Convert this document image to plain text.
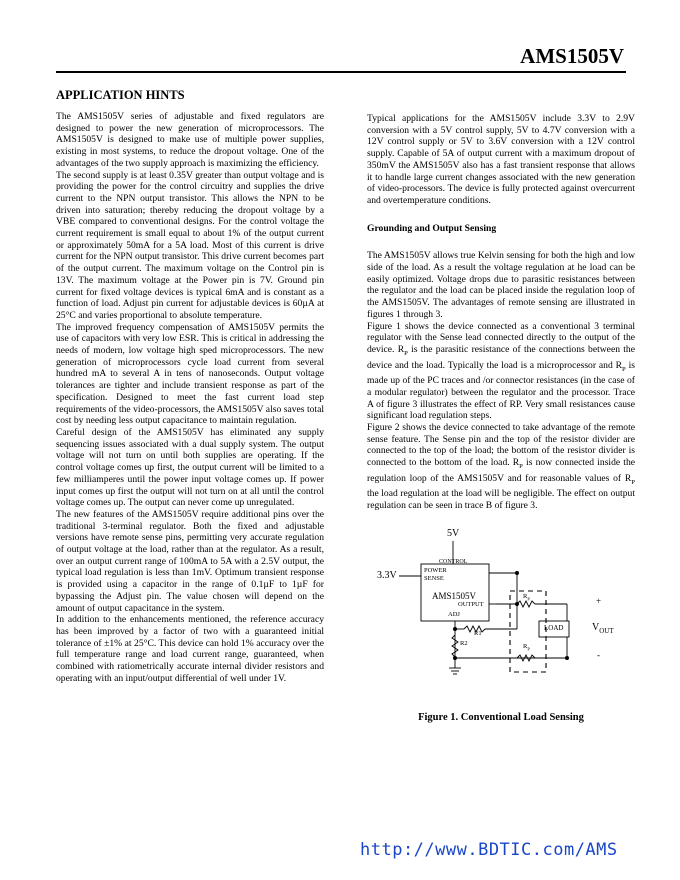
AMS1505V
APPLICATION HINTS

The AMS1505V series of adjustable and fixed regulators are designed to power the new generation of microprocessors. The AMS1505V is designed to make use of multiple power supplies, existing in most systems, to reduce the dropout voltage. One of the advantages of the two supply approach is maximizing the efficiency.

The second supply is at least 0.35V greater than output voltage and is providing the power for the control circuitry and supplies the drive current to the NPN output transistor. This allows the NPN to be driven into saturation; thereby reducing the dropout voltage by a VBE compared to conventional designs. For the control voltage the current requirement is small equal to about 1% of the output current or approximately 50mA for a 5A load. Most of this current is drive current for the NPN output transistor. This drive current becomes part of the output current. The maximum voltage on the Control pin is 13V. The maximum voltage at the Power pin is 7V. Ground pin current for fixed voltage devices is typical 6mA and is constant as a function of load. Adjust pin current for adjustable devices is 60µA at 25°C and varies proportional to absolute temperature.

The improved frequency compensation of AMS1505V permits the use of capacitors with very low ESR. This is critical in addressing the needs of modern, low voltage high sped microprocessors. The new generation of microprocessors cycle load current from several hundred mA to several A in tens of nanoseconds. Output voltage tolerances are tighter and include transient response as part of the specification. Designed to meet the fast current load step requirements of the video-processors, the AMS1505V also saves total cost by needing less output capacitance to maintain regulation.

Careful design of the AMS1505V has eliminated any supply sequencing issues associated with a dual supply system. The output voltage will not turn on until both supplies are operating. If the control voltage comes up first, the output current will be limited to a few milliamperes until the power input voltage comes up. If power input comes up first the output will not turn on at all until the control voltage comes up. The output can never come up unregulated.

The new features of the AMS1505V require additional pins over the traditional 3-terminal regulator. Both the fixed and adjustable versions have remote sense pins, permitting very accurate regulation of output voltage at the load, rather than at the regulator. As a result, over an output current range of 100mA to 5A with a 2.5V output, the typical load regulation is less than 1mV. Optimum transient response is provided using a capacitor in the range of 0.1µF to 1µF for bypassing the Adjust pin. The value chosen will depend on the amount of output capacitance in the system.

In addition to the enhancements mentioned, the reference accuracy has been improved by a factor of two with a guaranteed initial tolerance of ±1% at 25°C. This device can hold 1% accuracy over the full temperature range and load current range, guaranteed, when combined with ratiometrically accurate internal divider resistors and operating with an input/output differential of well under 1V.

Typical applications for the AMS1505V include 3.3V to 2.9V conversion with a 5V control supply, 5V to 4.7V conversion with a 12V control supply or 5V to 3.6V conversion with a 12V control supply. Capable of 5A of output current with a maximum dropout of 350mV the AMS1505V also has a fast transient response that allows it to handle large current changes associated with the new generation of video-processors. The device is fully protected against overcurrent and overtemperature conditions.

Grounding and Output Sensing

The AMS1505V allows true Kelvin sensing for both the high and low side of the load. As a result the voltage regulation at he load can be easily optimized. Voltage drops due to parasitic resistances between the regulator and the load can be placed inside the regulation loop of the AMS1505V. The advantages of remote sensing are illustrated in figures 1 through 3.

Figure 1 shows the device connected as a conventional 3 terminal regulator with the Sense lead connected directly to the output of the device. $R_P$ is the parasitic resistance of the connections between the device and the load. Typically the load is a microprocessor and $R_P$ is made up of the PC traces and /or connector resistances (in the case of a modular regulator) between the regulator and the processor. Trace A of figure 3 illustrates the effect of RP. Very small resistances cause significant load regulation steps.

Figure 2 shows the device connected to take advantage of the remote sense feature. The Sense pin and the top of the resistor divider are connected to the top of the load; the bottom of the resistor divider is connected to the bottom of the load. $R_P$ is now connected inside the regulation loop of the AMS1505V and for reasonable values of $R_P$ the load regulation at the load will be negligible. The effect on output regulation can be seen in trace B of figure 3.

5V
3.3V
CONTROL
POWER
SENSE
AMS1505V
OUTPUT
ADJ
R1
R2
$R_P$
$R_P$
LOAD
+
-
$V_{OUT}$
Figure 1. Conventional Load Sensing
http://www.BDTIC.com/AMS
